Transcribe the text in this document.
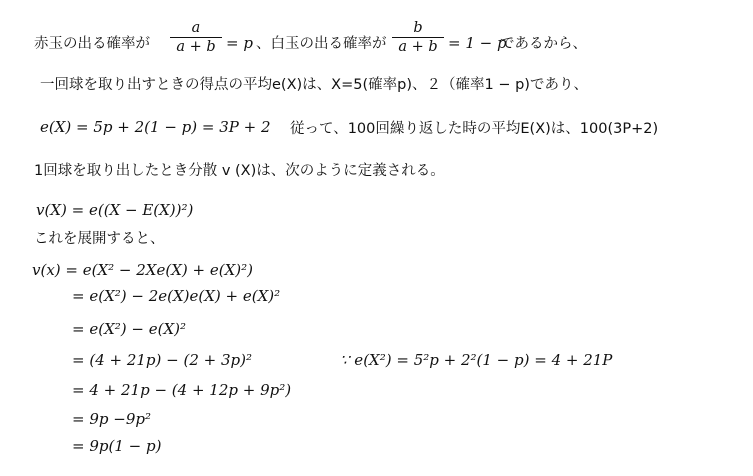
赤玉の出る確率が
a
a + b = p 、白玉の出る確率が
b
a + b = 1 − p
であるから、
一回球を取り出すときの得点の平均e(X)は、X=5(確率p)、２（確率1 − p)であり、
e(X) = 5p + 2(1 − p) = 3P + 2 従って、100回繰り返した時の平均E(X)は、100(3P+2)
1回球を取り出したとき分散 v (X)は、次のように定義される。
v(X) = e((X − E(X))²)
これを展開すると、
v(x) = e(X² − 2Xe(X) + e(X)²)
= e(X²) − 2e(X)e(X) + e(X)²
= e(X²) − e(X)²
= (4 + 21p) − (2 + 3p)²
= 4 + 21p − (4 + 12p + 9p²)
= 9p −9p²
= 9p(1 − p)
∵ e(X²) = 5²p + 2²(1 − p) = 4 + 21P
